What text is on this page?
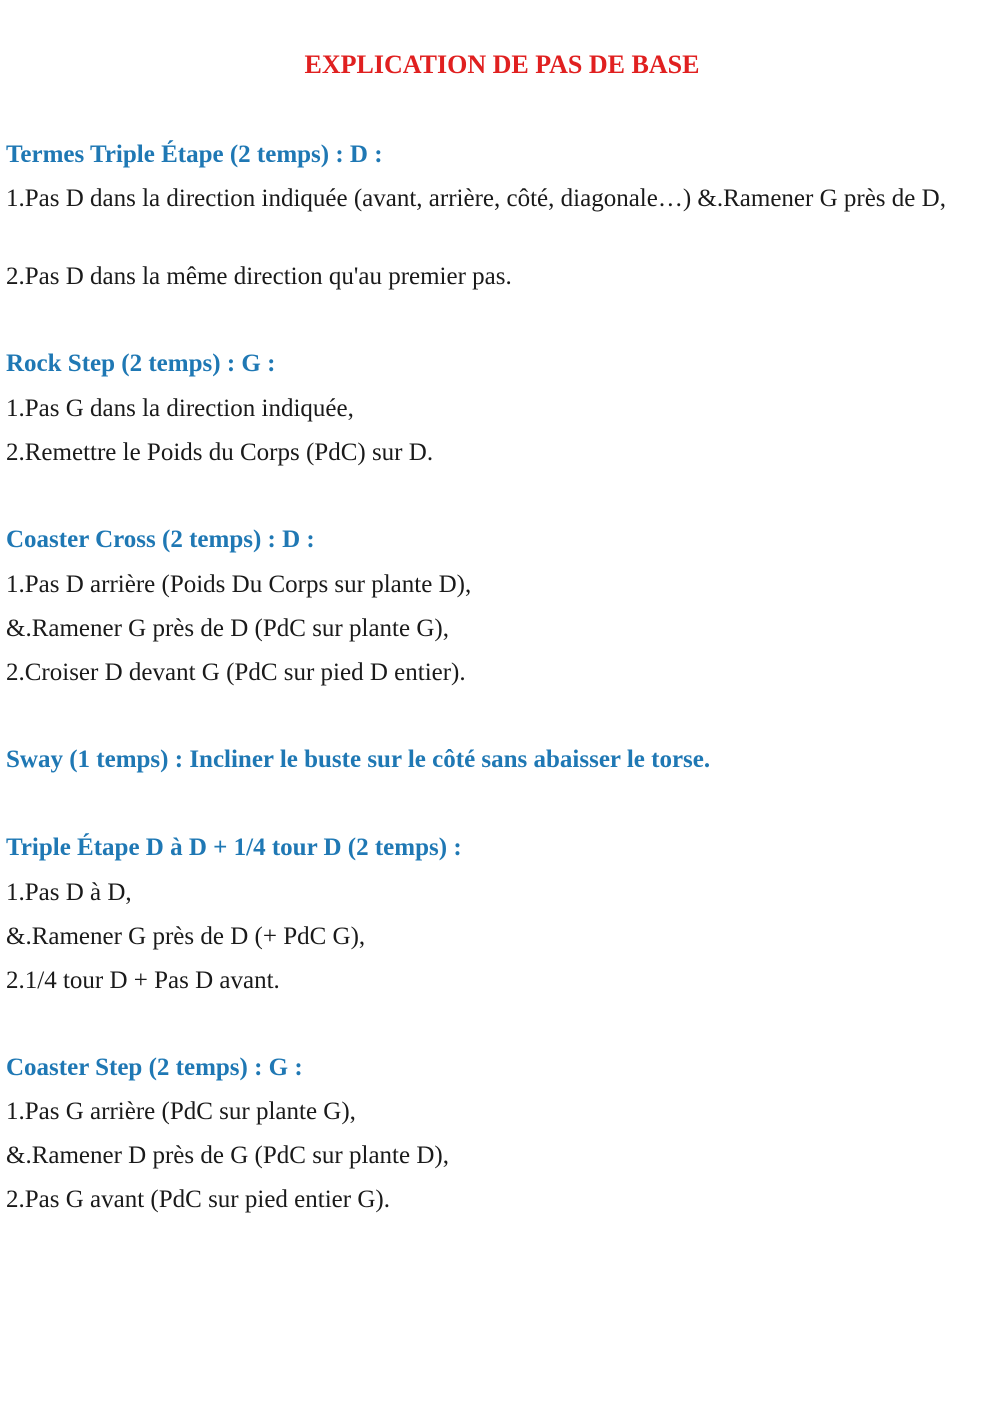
EXPLICATION DE PAS DE BASE
Termes Triple Étape (2 temps) : D :

1.Pas D dans la direction indiquée (avant, arrière, côté, diagonale…) &.Ramener G près de D,

2.Pas D dans la même direction qu'au premier pas.

Rock Step (2 temps) : G :

1.Pas G dans la direction indiquée,

2.Remettre le Poids du Corps (PdC) sur D.

Coaster Cross (2 temps) : D :

1.Pas D arrière (Poids Du Corps sur plante D),

&.Ramener G près de D (PdC sur plante G),

2.Croiser D devant G (PdC sur pied D entier).

Sway (1 temps) : Incliner le buste sur le côté sans abaisser le torse.
Triple Étape D à D + 1/4 tour D (2 temps) :

1.Pas D à D,

&.Ramener G près de D (+ PdC G),

2.1/4 tour D + Pas D avant.

Coaster Step (2 temps) : G :

1.Pas G arrière (PdC sur plante G),

&.Ramener D près de G (PdC sur plante D),

2.Pas G avant (PdC sur pied entier G).
